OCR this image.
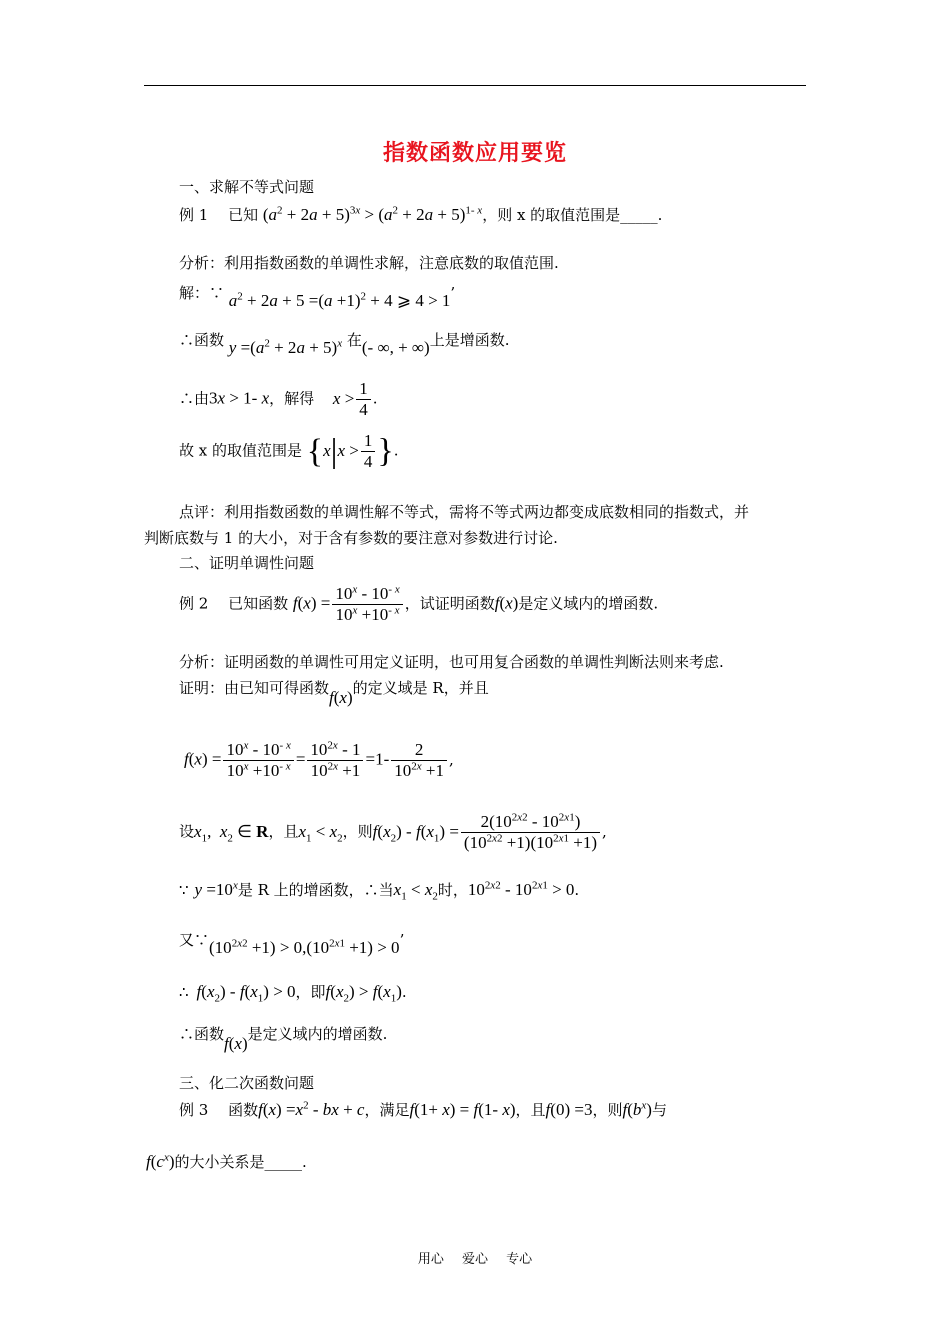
指数函数应用要览
一、求解不等式问题
例 1　 已知 $(a^2 + 2a + 5)^{3x} > (a^2 + 2a + 5)^{1- x}$，则 x 的取值范围是_____.
分析：利用指数函数的单调性求解，注意底数的取值范围.
解：∵ $a^2 + 2a + 5 =(a +1)^2 + 4$ ⩾ 4 > 1’
∴函数 $y =(a^2 + 2a + 5)^x$ 在(- ∞, + ∞)上是增函数.
∴由3x > 1- x，解得 $x > \frac{1}{4}$ .
故 x 的取值范围是 {$x|x > \frac{1}{4}$ }.
点评：利用指数函数的单调性解不等式，需将不等式两边都变成底数相同的指数式，并
判断底数与 1 的大小，对于含有参数的要注意对参数进行讨论.
二、证明单调性问题
例 2　 已知函数 $f(x) = \frac{10^x - 10^{- x}}{10^x +10^{- x}}$ ，试证明函数f(x)是定义域内的增函数.
分析：证明函数的单调性可用定义证明，也可用复合函数的单调性判断法则来考虑.
证明：由已知可得函数f(x)的定义域是 R，并且
$f(x) = \frac{10^x - 10^{- x}}{10^x +10^{- x}} = \frac{10^{2x} - 1}{10^{2x} +1} =1- \frac{2}{10^{2x} +1}$ ,
设$x_1$,  $x_2$ ∈ R，且$x_1 < x_2$，则$f(x_2) - f(x_1) = \frac{2(10^{2x2} - 10^{2x1})}{(10^{2x2} +1)(10^{2x1} +1)}$ ,
∵ $y =10^x$是 R 上的增函数，∴当$x_1 < x_2$时，$10^{2x2} - 10^{2x1} > 0$.
又$\because(10^{2x2} +1) > 0,(10^{2x1} +1) > 0$’
∴ $f(x_2) - f(x_1) > 0$，即$f(x_2) > f(x_1)$.
∴函数f(x)是定义域内的增函数.
三、化二次函数问题
例 3　 函数$f(x) =x^2$ - bx + c，满足f(1+ x) = f(1- x)，且f(0) =3，则$f(b^x)$与
$f(c^x)$的大小关系是_____.
用心 爱心 专心
